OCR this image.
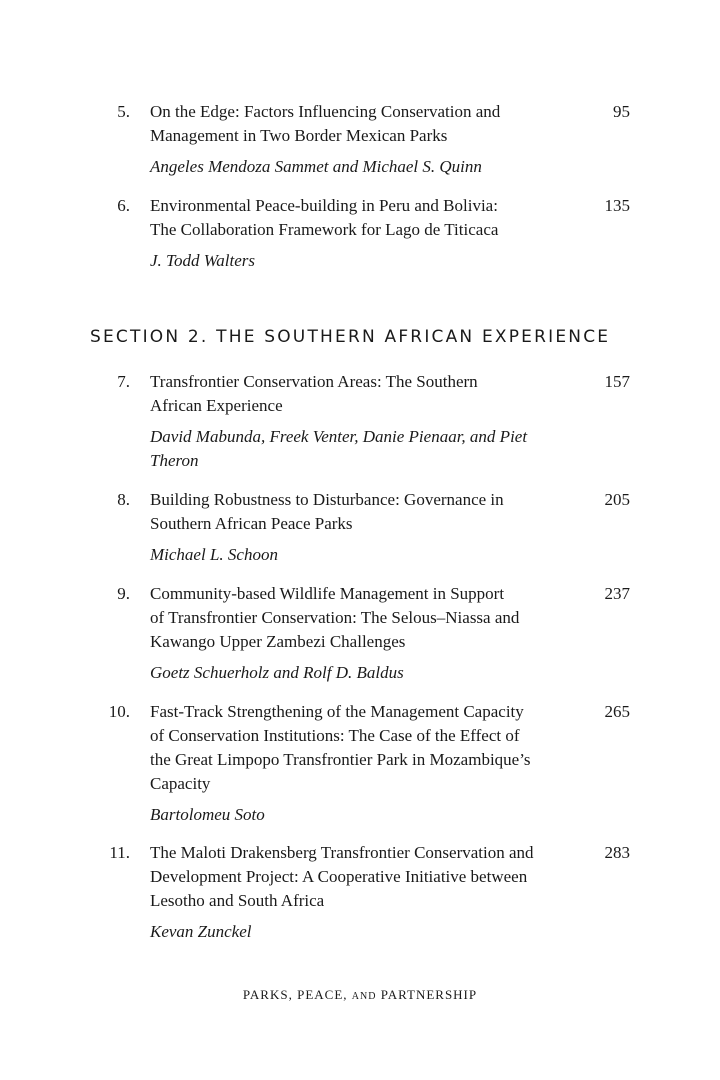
5. On the Edge: Factors Influencing Conservation and
Management in Two Border Mexican Parks
Angeles Mendoza Sammet and Michael S. Quinn
95
6. Environmental Peace-building in Peru and Bolivia:
The Collaboration Framework for Lago de Titicaca
J. Todd Walters
135
7. Transfrontier Conservation Areas: The Southern
African Experience
David Mabunda, Freek Venter, Danie Pienaar, and Piet
Theron
157
8. Building Robustness to Disturbance: Governance in
Southern African Peace Parks
Michael L. Schoon
205
9. Community-based Wildlife Management in Support
of Transfrontier Conservation: The Selous–Niassa and
Kawango Upper Zambezi Challenges
Goetz Schuerholz and Rolf D. Baldus
237
10. Fast-Track Strengthening of the Management Capacity
of Conservation Institutions: The Case of the Effect of
the Great Limpopo Transfrontier Park in Mozambique’s
Capacity
Bartolomeu Soto
265
11. The Maloti Drakensberg Transfrontier Conservation and
Development Project: A Cooperative Initiative between
Lesotho and South Africa
Kevan Zunckel
283
SECTION 2. THE SOUTHERN AFRICAN EXPERIENCE
PARKS, PEACE, AND PARTNERSHIP
